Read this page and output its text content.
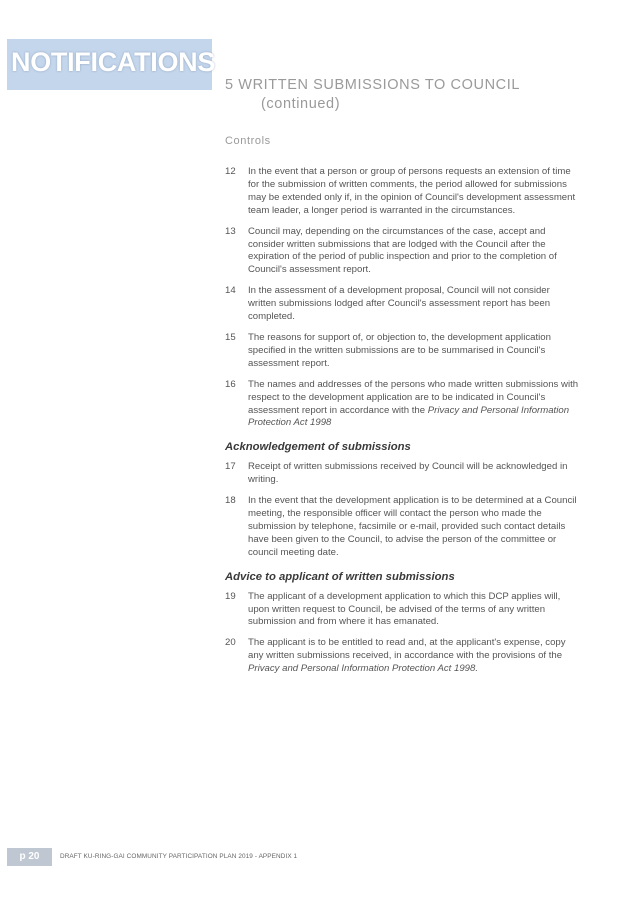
NOTIFICATIONS
5 WRITTEN SUBMISSIONS TO COUNCIL
(continued)
Controls
12	In the event that a person or group of persons requests an extension of time for the submission of written comments, the period allowed for submissions may be extended only if, in the opinion of Council's development assessment team leader, a longer period is warranted in the circumstances.
13	Council may, depending on the circumstances of the case, accept and consider written submissions that are lodged with the Council after the expiration of the period of public inspection and prior to the completion of Council's assessment report.
14	In the assessment of a development proposal, Council will not consider written submissions lodged after Council's assessment report has been completed.
15	The reasons for support of, or objection to, the development application specified in the written submissions are to be summarised in Council's assessment report.
16	The names and addresses of the persons who made written submissions with respect to the development application are to be indicated in Council's assessment report in accordance with the Privacy and Personal Information Protection Act 1998
Acknowledgement of submissions
17	Receipt of written submissions received by Council will be acknowledged in writing.
18	In the event that the development application is to be determined at a Council meeting, the responsible officer will contact the person who made the submission by telephone, facsimile or e-mail, provided such contact details have been given to the Council, to advise the person of the committee or council meeting date.
Advice to applicant of written submissions
19	The applicant of a development application to which this DCP applies will, upon written request to Council, be advised of the terms of any written submission and from where it has emanated.
20	The applicant is to be entitled to read and, at the applicant's expense, copy any written submissions received, in accordance with the provisions of the Privacy and Personal Information Protection Act 1998.
p 20	DRAFT KU-RING-GAI COMMUNITY PARTICIPATION PLAN 2019 - APPENDIX 1
